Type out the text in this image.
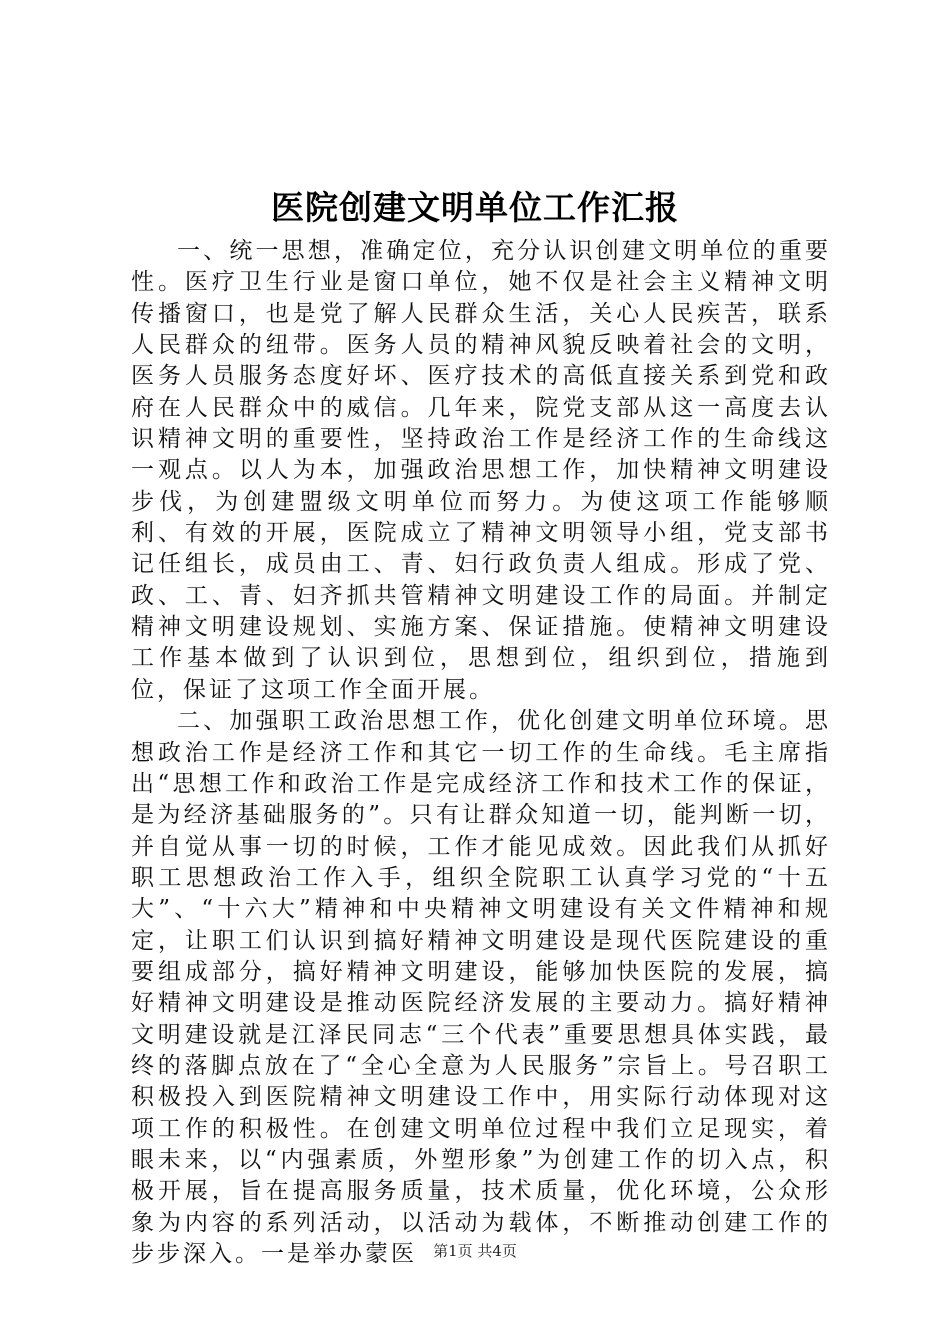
医院创建文明单位工作汇报

一、统一思想，准确定位，充分认识创建文明单位的重要性。医疗卫生行业是窗口单位，她不仅是社会主义精神文明传播窗口，也是党了解人民群众生活，关心人民疾苦，联系人民群众的纽带。医务人员的精神风貌反映着社会的文明，医务人员服务态度好坏、医疗技术的高低直接关系到党和政府在人民群众中的威信。几年来，院党支部从这一高度去认识精神文明的重要性，坚持政治工作是经济工作的生命线这一观点。以人为本，加强政治思想工作，加快精神文明建设步伐，为创建盟级文明单位而努力。为使这项工作能够顺利、有效的开展，医院成立了精神文明领导小组，党支部书记任组长，成员由工、青、妇行政负责人组成。形成了党、政、工、青、妇齐抓共管精神文明建设工作的局面。并制定精神文明建设规划、实施方案、保证措施。使精神文明建设工作基本做到了认识到位，思想到位，组织到位，措施到位，保证了这项工作全面开展。

二、加强职工政治思想工作，优化创建文明单位环境。思想政治工作是经济工作和其它一切工作的生命线。毛主席指出“思想工作和政治工作是完成经济工作和技术工作的保证，是为经济基础服务的”。只有让群众知道一切，能判断一切，并自觉从事一切的时候，工作才能见成效。因此我们从抓好职工思想政治工作入手，组织全院职工认真学习党的“十五大”、“十六大”精神和中央精神文明建设有关文件精神和规定，让职工们认识到搞好精神文明建设是现代医院建设的重要组成部分，搞好精神文明建设，能够加快医院的发展，搞好精神文明建设是推动医院经济发展的主要动力。搞好精神文明建设就是江泽民同志“三个代表”重要思想具体实践，最终的落脚点放在了“全心全意为人民服务”宗旨上。号召职工积极投入到医院精神文明建设工作中，用实际行动体现对这项工作的积极性。在创建文明单位过程中我们立足现实，着眼未来，以“内强素质，外塑形象”为创建工作的切入点，积极开展，旨在提高服务质量，技术质量，优化环境，公众形象为内容的系列活动，以活动为载体，不断推动创建工作的步步深入。一是举办蒙医	第1页 共4页
